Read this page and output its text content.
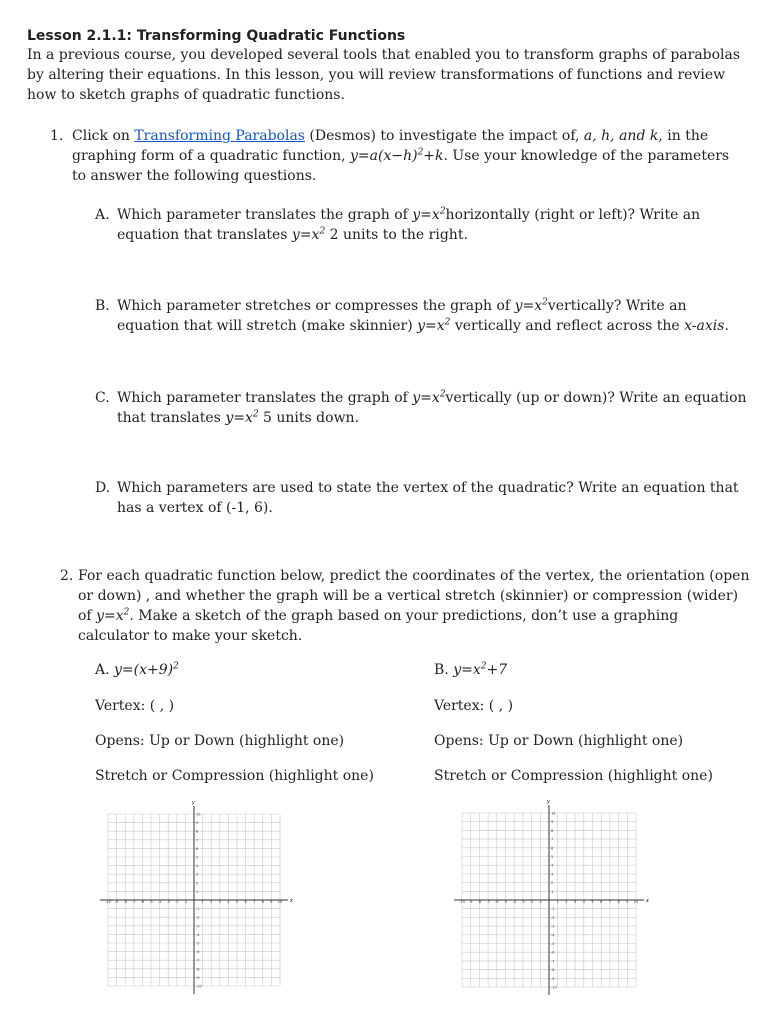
Lesson 2.1.1: Transforming Quadratic Functions
In a previous course, you developed several tools that enabled you to transform graphs of parabolas by altering their equations. In this lesson, you will review transformations of functions and review how to sketch graphs of quadratic functions.
1. Click on Transforming Parabolas (Desmos) to investigate the impact of, a, h, and k, in the graphing form of a quadratic function, $y=a(x-h)^2+k$. Use your knowledge of the parameters to answer the following questions.
A. Which parameter translates the graph of $y=x^2horizontally$ (right or left)? Write an equation that translates $y=x^2$ 2 units to the right.
B. Which parameter stretches or compresses the graph of $y=x^2vertically$? Write an equation that will stretch (make skinnier) $y=x^2$ vertically and reflect across the x-axis.
C. Which parameter translates the graph of $y=x^2vertically$ (up or down)? Write an equation that translates $y=x^2$ 5 units down.
D. Which parameters are used to state the vertex of the quadratic? Write an equation that has a vertex of (-1, 6).
2. For each quadratic function below, predict the coordinates of the vertex, the orientation (open or down) , and whether the graph will be a vertical stretch (skinnier) or compression (wider) of $y=x^2$. Make a sketch of the graph based on your predictions, don’t use a graphing calculator to make your sketch.
A. $y=(x+9)^2$
Vertex: ( , )
Opens: Up or Down (highlight one)
Stretch or Compression (highlight one)
B. $y=x^2+7$
Vertex: ( , )
Opens: Up or Down (highlight one)
Stretch or Compression (highlight one)
-10
-10
-9
-9
-8
-8
-7
-7
-6
-6
-5
-5
-4
-4
-3
-3
-2
-2
-1
-1
1
1
2
2
3
3
4
4
5
5
6
6
7
7
8
8
9
9
10
10
x
y
-10
-10
-9
-9
-8
-8
-7
-7
-6
-6
-5
-5
-4
-4
-3
-3
-2
-2
-1
-1
1
1
2
2
3
3
4
4
5
5
6
6
7
7
8
8
9
9
10
10
x
y
